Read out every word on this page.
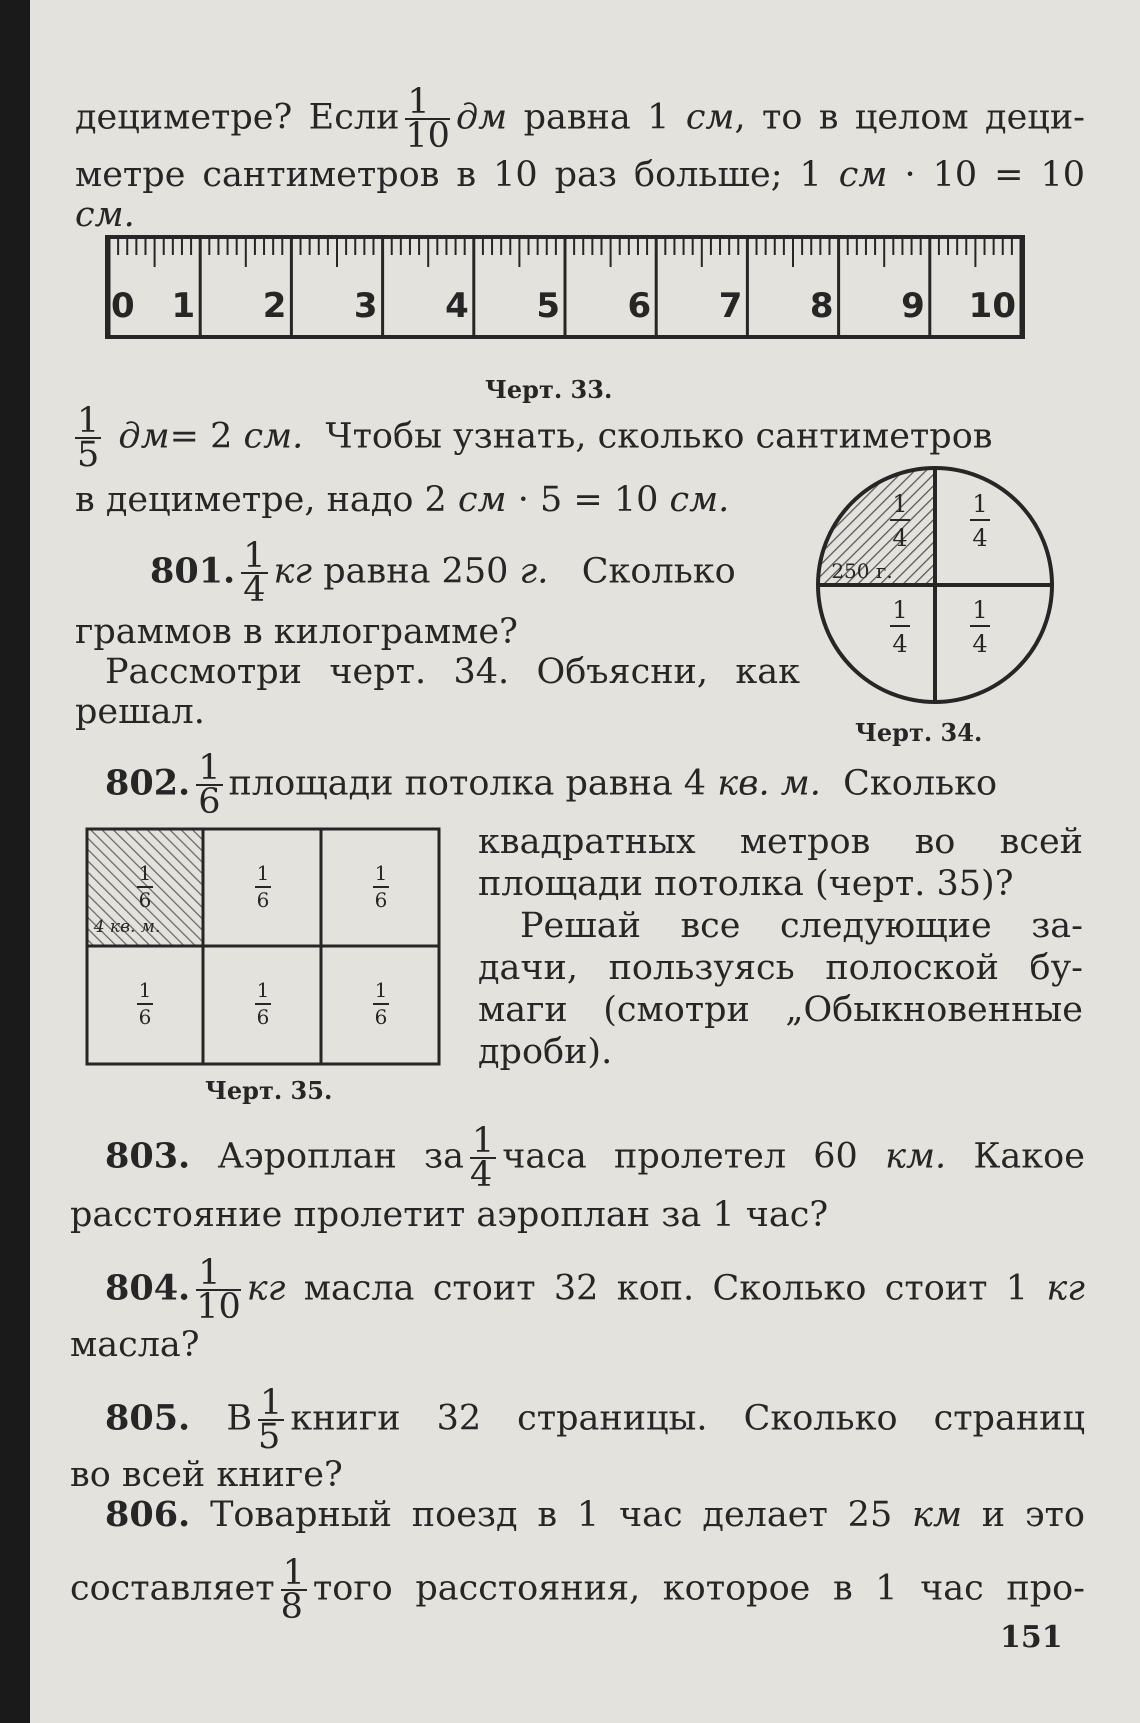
дециметре? Если $\frac{1}{10}$ дм равна 1 см, то в целом деци-
метре сантиметров в 10 раз больше; 1 см · 10 = 10 см.
0 1 2 3 4 5 6 7 8 9 10
Черт. 33.
$\frac{1}{5} дм= 2$ см. Чтобы узнать, сколько сантиметров
в дециметре, надо 2 см · 5 = 10 см.
801. $\frac{1}{4}$ кг равна 250 г. Сколько
граммов в килограмме?
Рассмотри черт. 34. Объясни, как
решал.
1
4
1
4
1
4
1
4
250 г.
Черт. 34.
802. $\frac{1}{6}$ площади потолка равна 4 кв. м. Сколько
квадратных метров во всей
площади потолка (черт. 35)?
Решай все следующие за-
дачи, пользуясь полоской бу-
маги (смотри „Обыкновенные
дроби).
1
6
1
6
1
6
1
6
1
6
1
6
4 кв. м.
Черт. 35.
803. Аэроплан за $\frac{1}{4}$ часа пролетел 60 км. Какое
расстояние пролетит аэроплан за 1 час?
804. $\frac{1}{10}$ кг масла стоит 32 коп. Сколько стоит 1 кг
масла?
805. В $\frac{1}{5}$ книги 32 страницы. Сколько страниц
во всей книге?
806. Товарный поезд в 1 час делает 25 км и это
составляет $\frac{1}{8}$ того расстояния, которое в 1 час про-
151
